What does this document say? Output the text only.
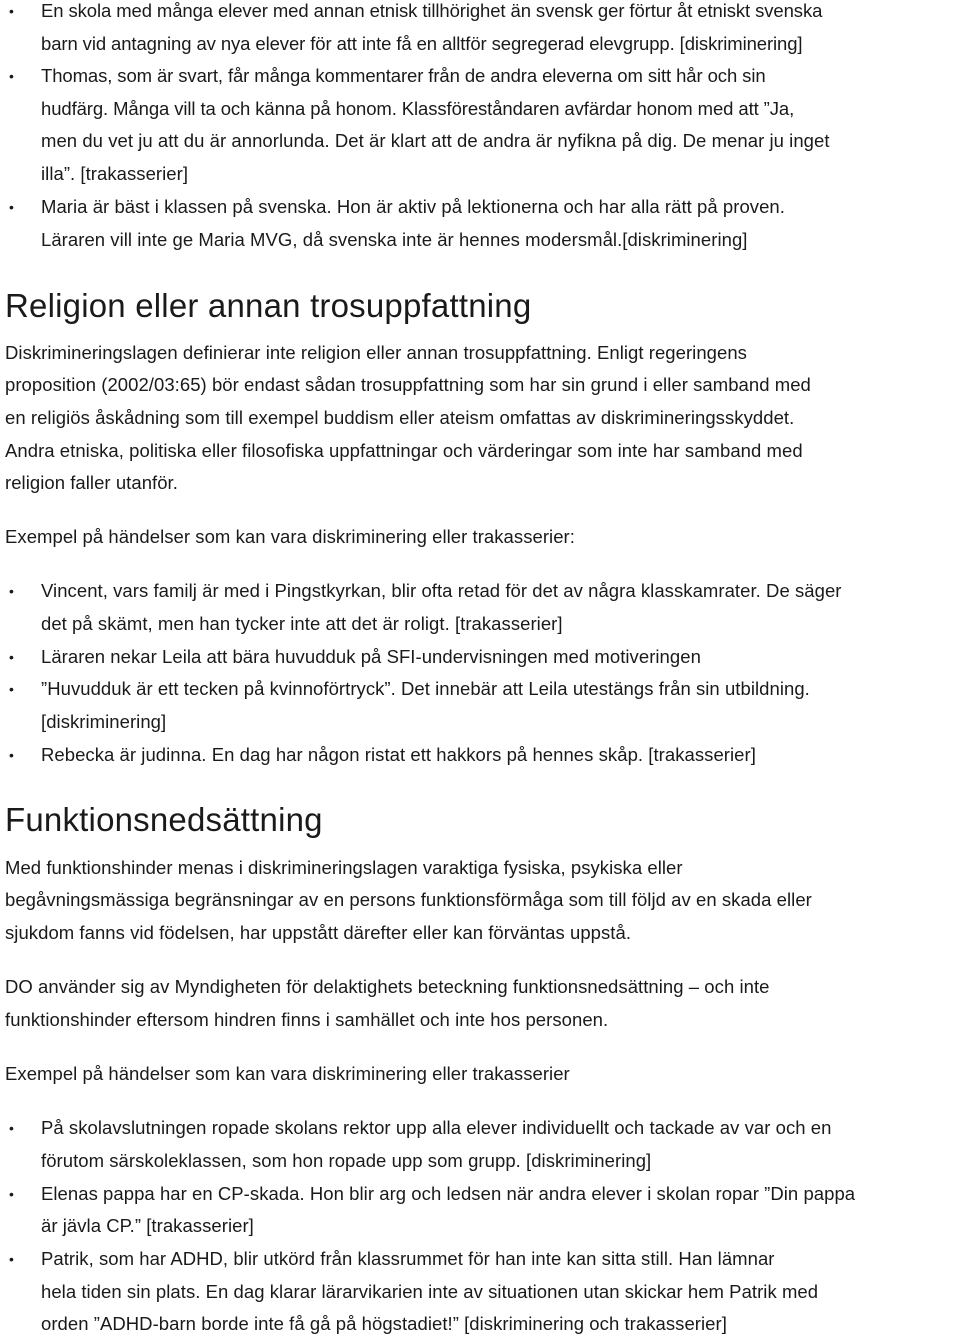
• En skola med många elever med annan etnisk tillhörighet än svensk ger förtur åt etniskt svenska
barn vid antagning av nya elever för att inte få en alltför segregerad elevgrupp. [diskriminering]
• Thomas, som är svart, får många kommentarer från de andra eleverna om sitt hår och sin
hudfärg. Många vill ta och känna på honom. Klassföreståndaren avfärdar honom med att ”Ja,
men du vet ju att du är annorlunda. Det är klart att de andra är nyfikna på dig. De menar ju inget
illa”. [trakasserier]
• Maria är bäst i klassen på svenska. Hon är aktiv på lektionerna och har alla rätt på proven.
Läraren vill inte ge Maria MVG, då svenska inte är hennes modersmål.[diskriminering]
Religion eller annan trosuppfattning
Diskrimineringslagen definierar inte religion eller annan trosuppfattning. Enligt regeringens
proposition (2002/03:65) bör endast sådan trosuppfattning som har sin grund i eller samband med
en religiös åskådning som till exempel buddism eller ateism omfattas av diskrimineringsskyddet.
Andra etniska, politiska eller filosofiska uppfattningar och värderingar som inte har samband med
religion faller utanför.
Exempel på händelser som kan vara diskriminering eller trakasserier:
• Vincent, vars familj är med i Pingstkyrkan, blir ofta retad för det av några klasskamrater. De säger
det på skämt, men han tycker inte att det är roligt. [trakasserier]
• Läraren nekar Leila att bära huvudduk på SFI-undervisningen med motiveringen
• ”Huvudduk är ett tecken på kvinnoförtryck”. Det innebär att Leila utestängs från sin utbildning.
[diskriminering]
• Rebecka är judinna. En dag har någon ristat ett hakkors på hennes skåp. [trakasserier]
Funktionsnedsättning
Med funktionshinder menas i diskrimineringslagen varaktiga fysiska, psykiska eller
begåvningsmässiga begränsningar av en persons funktionsförmåga som till följd av en skada eller
sjukdom fanns vid födelsen, har uppstått därefter eller kan förväntas uppstå.
DO använder sig av Myndigheten för delaktighets beteckning funktionsnedsättning – och inte
funktionshinder eftersom hindren finns i samhället och inte hos personen.
Exempel på händelser som kan vara diskriminering eller trakasserier
• På skolavslutningen ropade skolans rektor upp alla elever individuellt och tackade av var och en
förutom särskoleklassen, som hon ropade upp som grupp. [diskriminering]
• Elenas pappa har en CP-skada. Hon blir arg och ledsen när andra elever i skolan ropar ”Din pappa
är jävla CP.” [trakasserier]
• Patrik, som har ADHD, blir utkörd från klassrummet för han inte kan sitta still. Han lämnar
hela tiden sin plats. En dag klarar lärarvikarien inte av situationen utan skickar hem Patrik med
orden ”ADHD-barn borde inte få gå på högstadiet!” [diskriminering och trakasserier]
